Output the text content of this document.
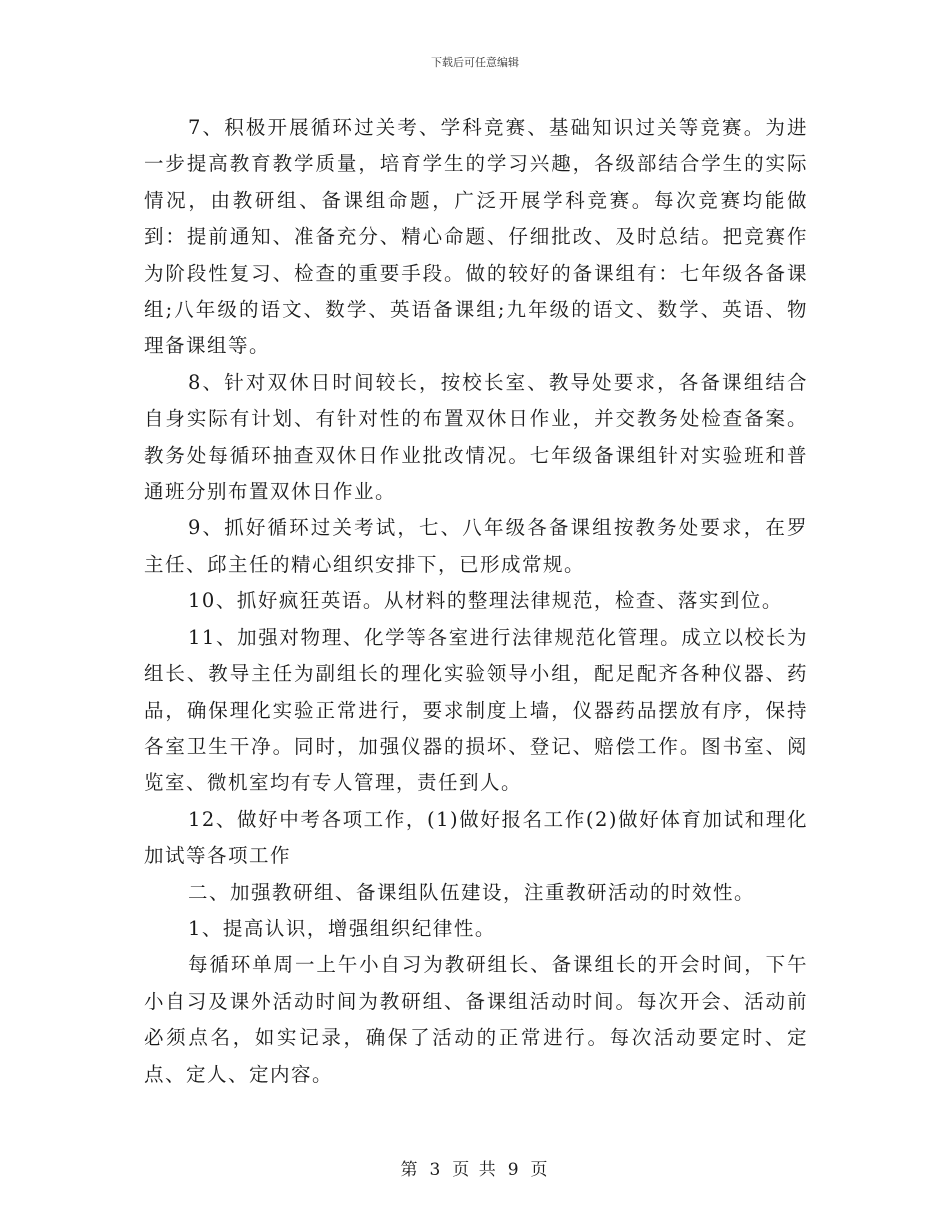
下载后可任意编辑

7、积极开展循环过关考、学科竞赛、基础知识过关等竞赛。为进一步提高教育教学质量，培育学生的学习兴趣，各级部结合学生的实际情况，由教研组、备课组命题，广泛开展学科竞赛。每次竞赛均能做到：提前通知、准备充分、精心命题、仔细批改、及时总结。把竞赛作为阶段性复习、检查的重要手段。做的较好的备课组有：七年级各备课组;八年级的语文、数学、英语备课组;九年级的语文、数学、英语、物理备课组等。

8、针对双休日时间较长，按校长室、教导处要求，各备课组结合自身实际有计划、有针对性的布置双休日作业，并交教务处检查备案。教务处每循环抽查双休日作业批改情况。七年级备课组针对实验班和普通班分别布置双休日作业。

9、抓好循环过关考试，七、八年级各备课组按教务处要求，在罗主任、邱主任的精心组织安排下，已形成常规。

10、抓好疯狂英语。从材料的整理法律规范，检查、落实到位。

11、加强对物理、化学等各室进行法律规范化管理。成立以校长为组长、教导主任为副组长的理化实验领导小组，配足配齐各种仪器、药品，确保理化实验正常进行，要求制度上墙，仪器药品摆放有序，保持各室卫生干净。同时，加强仪器的损坏、登记、赔偿工作。图书室、阅览室、微机室均有专人管理，责任到人。

12、做好中考各项工作，(1)做好报名工作(2)做好体育加试和理化加试等各项工作

二、加强教研组、备课组队伍建设，注重教研活动的时效性。

1、提高认识，增强组织纪律性。

每循环单周一上午小自习为教研组长、备课组长的开会时间，下午小自习及课外活动时间为教研组、备课组活动时间。每次开会、活动前必须点名，如实记录，确保了活动的正常进行。每次活动要定时、定点、定人、定内容。

第 3 页 共 9 页
